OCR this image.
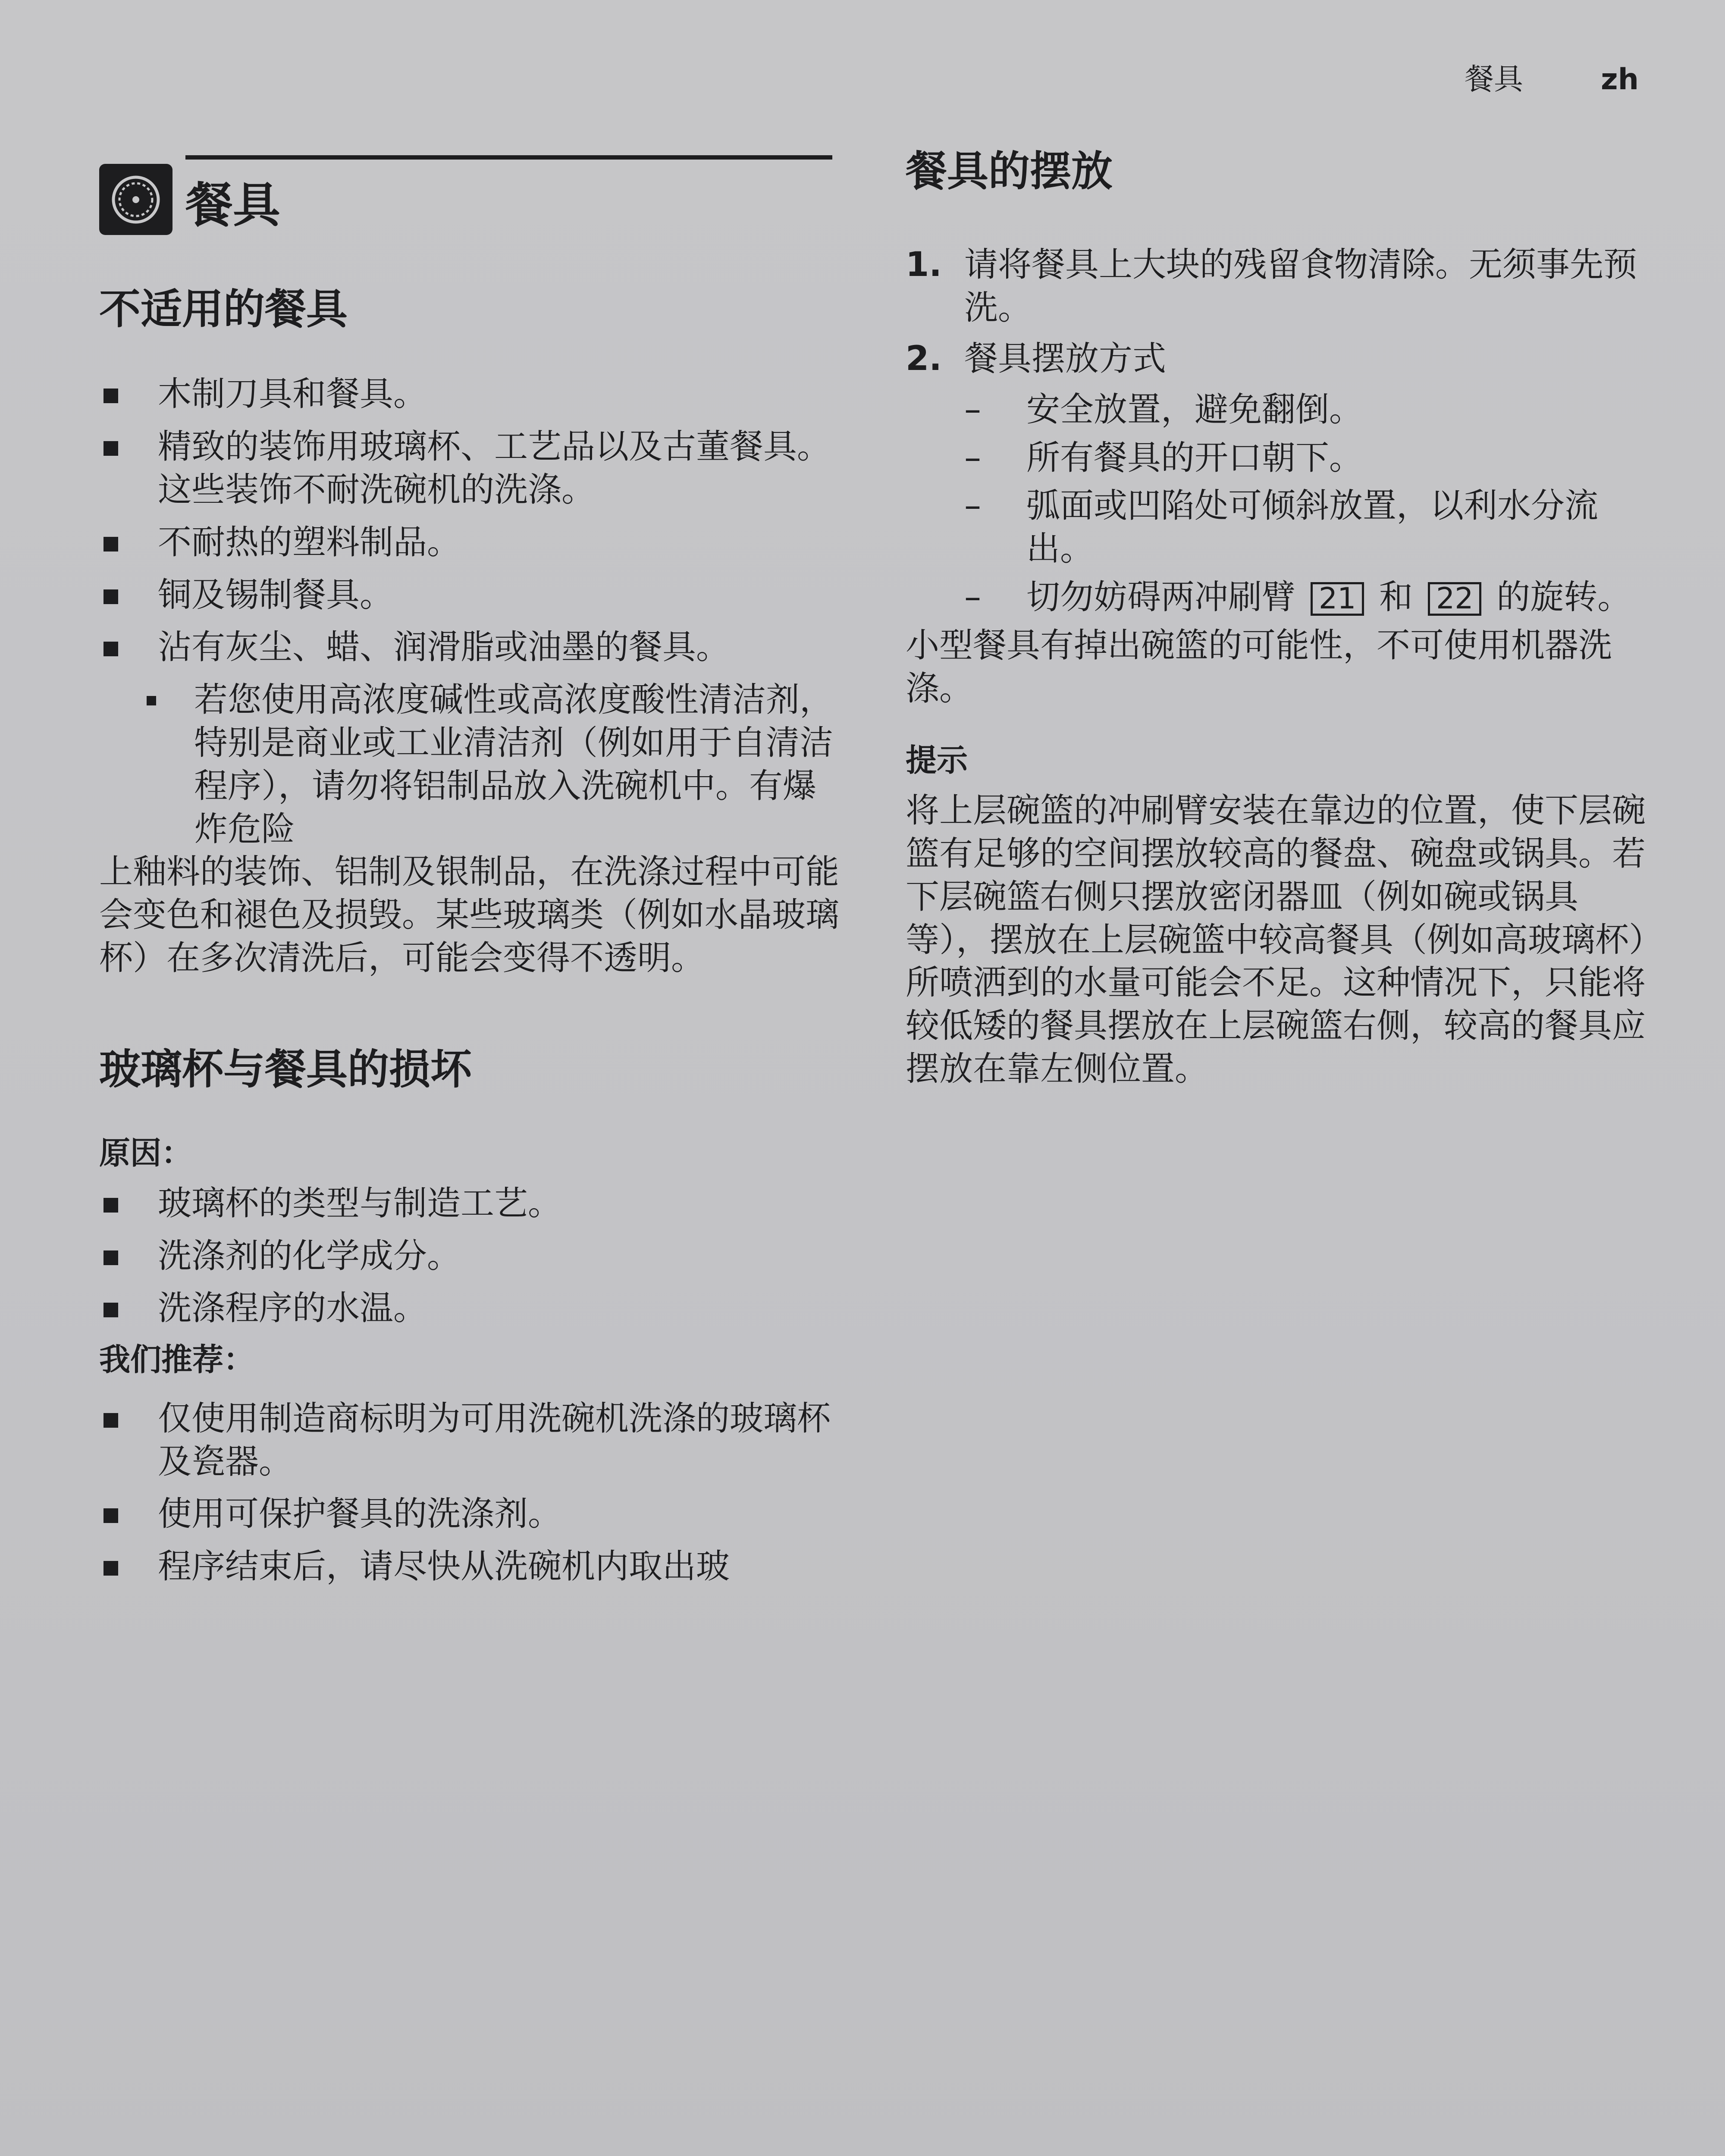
餐具	zh
餐具
不适用的餐具
木制刀具和餐具。
精致的装饰用玻璃杯、工艺品以及古董餐具。这些装饰不耐洗碗机的洗涤。
不耐热的塑料制品。
铜及锡制餐具。
沾有灰尘、蜡、润滑脂或油墨的餐具。
若您使用高浓度碱性或高浓度酸性清洁剂，特别是商业或工业清洁剂（例如用于自清洁程序），请勿将铝制品放入洗碗机中。有爆炸危险

上釉料的装饰、铝制及银制品，在洗涤过程中可能会变色和褪色及损毁。某些玻璃类（例如水晶玻璃杯）在多次清洗后，可能会变得不透明。

玻璃杯与餐具的损坏
原因：
玻璃杯的类型与制造工艺。
洗涤剂的化学成分。
洗涤程序的水温。
我们推荐：
仅使用制造商标明为可用洗碗机洗涤的玻璃杯及瓷器。
使用可保护餐具的洗涤剂。
程序结束后，请尽快从洗碗机内取出玻
餐具的摆放
1. 请将餐具上大块的残留食物清除。无须事先预洗。
2. 餐具摆放方式
– 安全放置，避免翻倒。
– 所有餐具的开口朝下。
– 弧面或凹陷处可倾斜放置，以利水分流出。
– 切勿妨碍两冲刷臂 21 和 22 的旋转。

小型餐具有掉出碗篮的可能性，不可使用机器洗涤。

提示

将上层碗篮的冲刷臂安装在靠边的位置，使下层碗篮有足够的空间摆放较高的餐盘、碗盘或锅具。若下层碗篮右侧只摆放密闭器皿（例如碗或锅具等），摆放在上层碗篮中较高餐具（例如高玻璃杯）所喷洒到的水量可能会不足。这种情况下，只能将较低矮的餐具摆放在上层碗篮右侧，较高的餐具应摆放在靠左侧位置。
